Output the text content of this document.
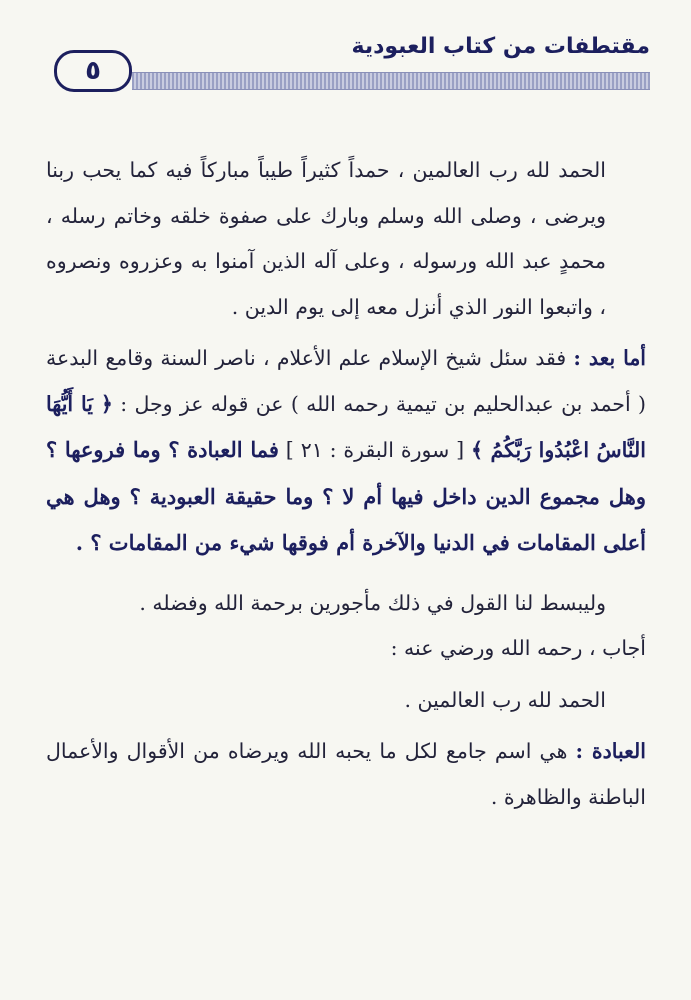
٥
مقتطفات من كتاب العبودية

الحمد لله رب العالمين ، حمداً كثيراً طيباً مباركاً فيه كما يحب ربنا ويرضى ، وصلى الله وسلم وبارك على صفوة خلقه وخاتم رسله ، محمدٍ عبد الله ورسوله ، وعلى آله الذين آمنوا به وعزروه ونصروه ، واتبعوا النور الذي أنزل معه إلى يوم الدين .

أما بعد : فقد سئل شيخ الإسلام علم الأعلام ، ناصر السنة وقامع البدعة ( أحمد بن عبدالحليم بن تيمية رحمه الله ) عن قوله عز وجل : ﴿ يَا أَيُّهَا النَّاسُ اعْبُدُوا رَبَّكُمُ ﴾ [ سورة البقرة : ٢١ ] فما العبادة ؟ وما فروعها ؟ وهل مجموع الدين داخل فيها أم لا ؟ وما حقيقة العبودية ؟ وهل هي أعلى المقامات في الدنيا والآخرة أم فوقها شيء من المقامات ؟ .

وليبسط لنا القول في ذلك مأجورين برحمة الله وفضله .

أجاب ، رحمه الله ورضي عنه :

الحمد لله رب العالمين .

العبادة : هي اسم جامع لكل ما يحبه الله ويرضاه من الأقوال والأعمال الباطنة والظاهرة .
